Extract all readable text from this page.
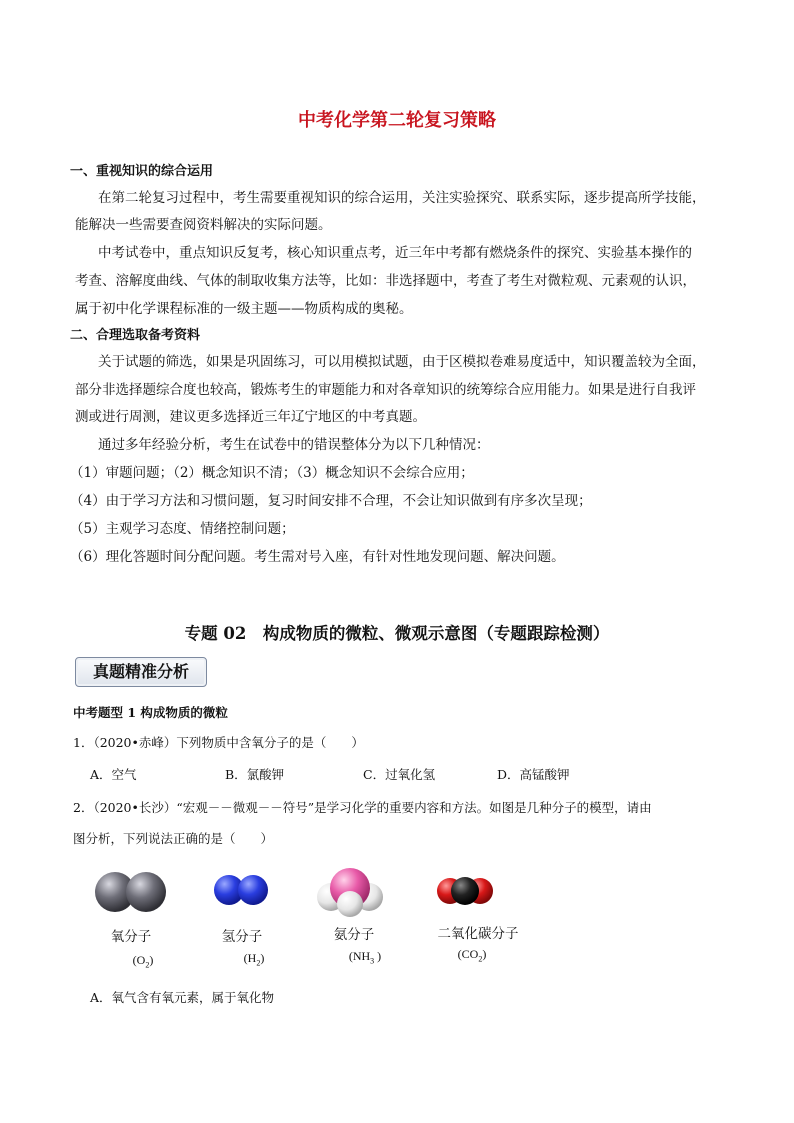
中考化学第二轮复习策略
一、重视知识的综合运用
在第二轮复习过程中，考生需要重视知识的综合运用，关注实验探究、联系实际，逐步提高所学技能，
能解决一些需要查阅资料解决的实际问题。
中考试卷中，重点知识反复考，核心知识重点考，近三年中考都有燃烧条件的探究、实验基本操作的
考查、溶解度曲线、气体的制取收集方法等，比如：非选择题中，考查了考生对微粒观、元素观的认识，
属于初中化学课程标准的一级主题——物质构成的奥秘。
二、合理选取备考资料
关于试题的筛选，如果是巩固练习，可以用模拟试题，由于区模拟卷难易度适中，知识覆盖较为全面，
部分非选择题综合度也较高，锻炼考生的审题能力和对各章知识的统筹综合应用能力。如果是进行自我评
测或进行周测，建议更多选择近三年辽宁地区的中考真题。
通过多年经验分析，考生在试卷中的错误整体分为以下几种情况：
（1）审题问题；（2）概念知识不清；（3）概念知识不会综合应用；
（4）由于学习方法和习惯问题，复习时间安排不合理，不会让知识做到有序多次呈现；
（5）主观学习态度、情绪控制问题；
（6）理化答题时间分配问题。考生需对号入座，有针对性地发现问题、解决问题。
专题 02　构成物质的微粒、微观示意图（专题跟踪检测）
真题精准分析
中考题型 1 构成物质的微粒
1．（2020•赤峰）下列物质中含氧分子的是（　　）
A．空气	B．氯酸钾	C．过氧化氢	D．高锰酸钾
2．（2020•长沙）“宏观－－微观－－符号”是学习化学的重要内容和方法。如图是几种分子的模型，请由
图分析，下列说法正确的是（　　）
氧分子	氢分子	氨分子	二氧化碳分子
$(O_2)$	$(H_2)$	($NH_3$ )	$(CO_2)$
A．氧气含有氧元素，属于氧化物
